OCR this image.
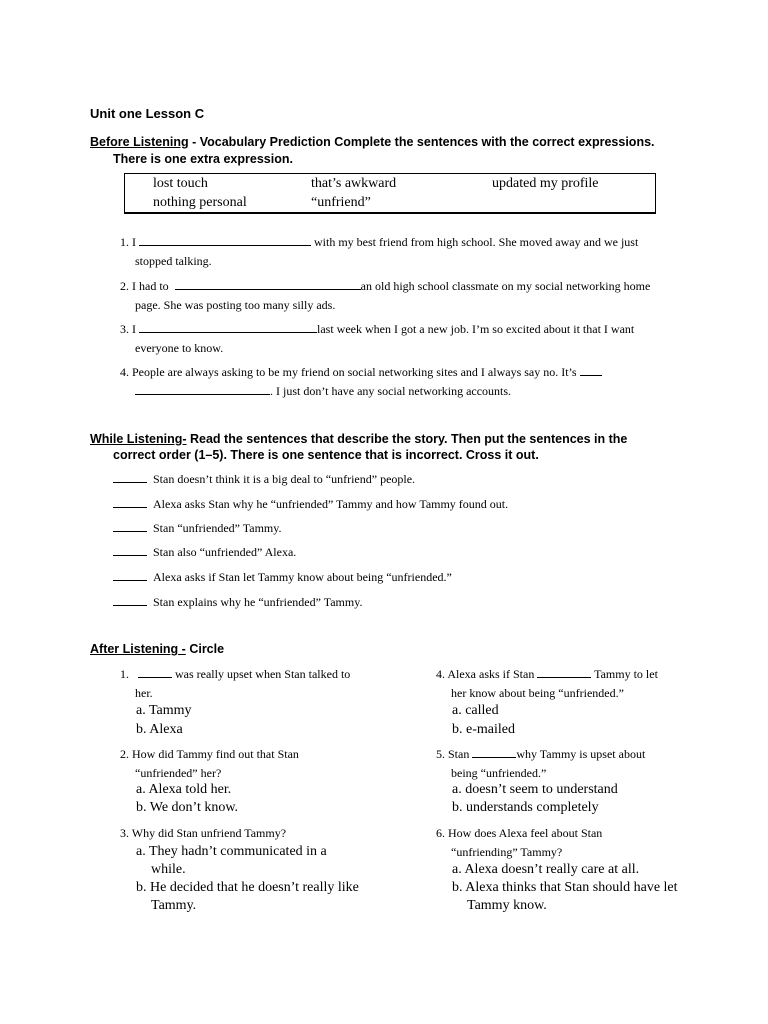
Unit one Lesson C
Before Listening - Vocabulary Prediction Complete the sentences with the correct expressions.
There is one extra expression.
lost touch	that’s awkward	updated my profile
nothing personal	“unfriend”
1. I	with my best friend from high school. She moved away and we just
stopped talking.
2. I had to	an old high school classmate on my social networking home
page. She was posting too many silly ads.
3. I	last week when I got a new job. I’m so excited about it that I want
everyone to know.
4. People are always asking to be my friend on social networking sites and I always say no. It’s
. I just don’t have any social networking accounts.
While Listening- Read the sentences that describe the story. Then put the sentences in the
correct order (1–5). There is one sentence that is incorrect. Cross it out.
Stan doesn’t think it is a big deal to “unfriend” people.
Alexa asks Stan why he “unfriended” Tammy and how Tammy found out.
Stan “unfriended” Tammy.
Stan also “unfriended” Alexa.
Alexa asks if Stan let Tammy know about being “unfriended.”
Stan explains why he “unfriended” Tammy.
After Listening - Circle
1.	was really upset when Stan talked to
her.
a. Tammy
b. Alexa
2. How did Tammy find out that Stan
“unfriended” her?
a. Alexa told her.
b. We don’t know.
3. Why did Stan unfriend Tammy?
a. They hadn’t communicated in a
while.
b. He decided that he doesn’t really like
Tammy.
4. Alexa asks if Stan	Tammy to let
her know about being “unfriended.”
a. called
b. e-mailed
5. Stan	why Tammy is upset about
being “unfriended.”
a. doesn’t seem to understand
b. understands completely
6. How does Alexa feel about Stan
“unfriending” Tammy?
a. Alexa doesn’t really care at all.
b. Alexa thinks that Stan should have let
Tammy know.
